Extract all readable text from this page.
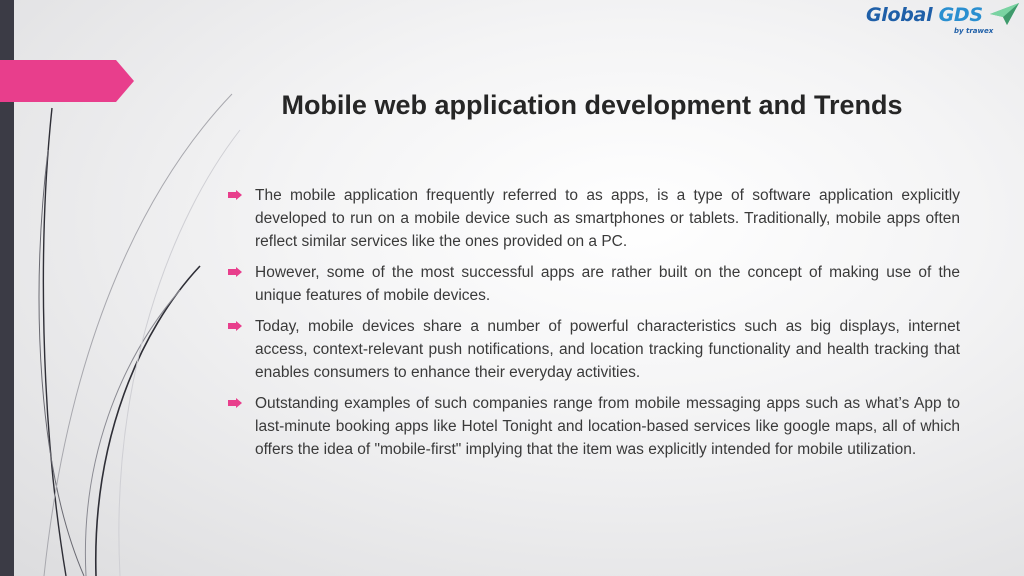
Global GDS
by trawex
Mobile web application development and Trends
The mobile application frequently referred to as apps, is a type of software application explicitly developed to run on a mobile device such as smartphones or tablets. Traditionally, mobile apps often reflect similar services like the ones provided on a PC.
However, some of the most successful apps are rather built on the concept of making use of the unique features of mobile devices.
Today, mobile devices share a number of powerful characteristics such as big displays, internet access, context-relevant push notifications, and location tracking functionality and health tracking that enables consumers to enhance their everyday activities.
Outstanding examples of such companies range from mobile messaging apps such as what’s App to last-minute booking apps like Hotel Tonight and location-based services like google maps, all of which offers the idea of "mobile-first" implying that the item was explicitly intended for mobile utilization.
